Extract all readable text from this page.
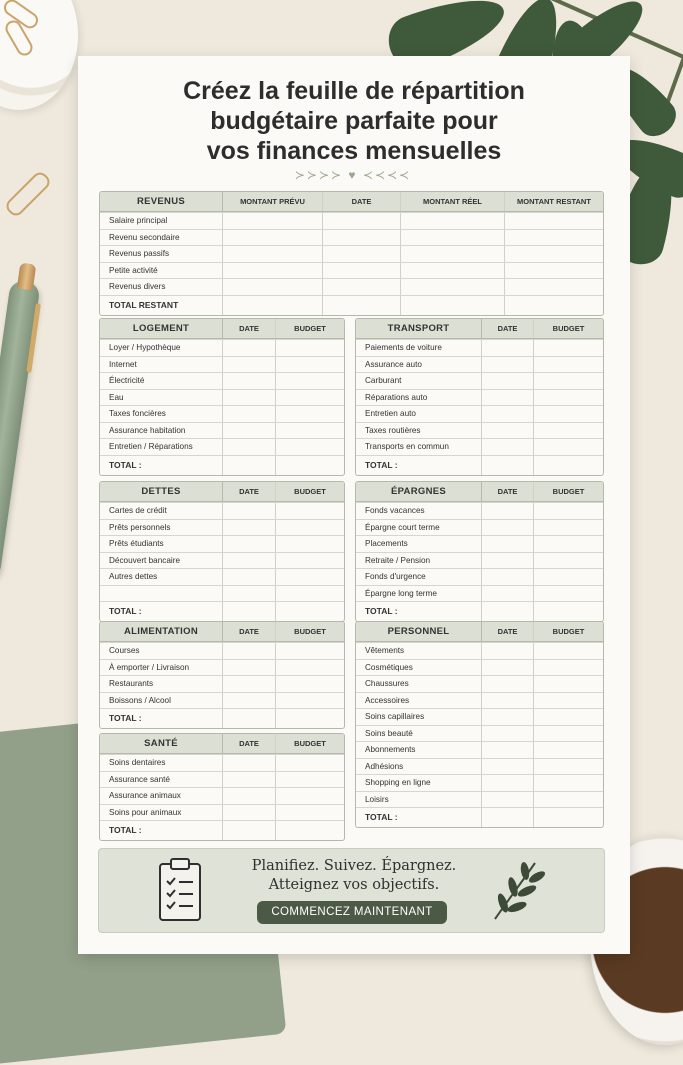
Créez la feuille de répartition
budgétaire parfaite pour
vos finances mensuelles
≻≻≻≻ ♥ ≺≺≺≺
REVENUS	MONTANT PRÉVU	DATE	MONTANT RÉEL	MONTANT RESTANT
Salaire principal
Revenu secondaire
Revenus passifs
Petite activité
Revenus divers
TOTAL RESTANT
LOGEMENT	DATE	BUDGET
Loyer / Hypothèque
Internet
Électricité
Eau
Taxes foncières
Assurance habitation
Entretien / Réparations
TOTAL :
TRANSPORT	DATE	BUDGET
Paiements de voiture
Assurance auto
Carburant
Réparations auto
Entretien auto
Taxes routières
Transports en commun
TOTAL :
DETTES	DATE	BUDGET
Cartes de crédit
Prêts personnels
Prêts étudiants
Découvert bancaire
Autres dettes
TOTAL :
ÉPARGNES	DATE	BUDGET
Fonds vacances
Épargne court terme
Placements
Retraite / Pension
Fonds d'urgence
Épargne long terme
TOTAL :
ALIMENTATION	DATE	BUDGET
Courses
À emporter / Livraison
Restaurants
Boissons / Alcool
TOTAL :
PERSONNEL	DATE	BUDGET
Vêtements
Cosmétiques
Chaussures
Accessoires
Soins capillaires
Soins beauté
Abonnements
Adhésions
Shopping en ligne
Loisirs
TOTAL :
SANTÉ	DATE	BUDGET
Soins dentaires
Assurance santé
Assurance animaux
Soins pour animaux
TOTAL :
Planifiez. Suivez. Épargnez.
Atteignez vos objectifs.
COMMENCEZ MAINTENANT
